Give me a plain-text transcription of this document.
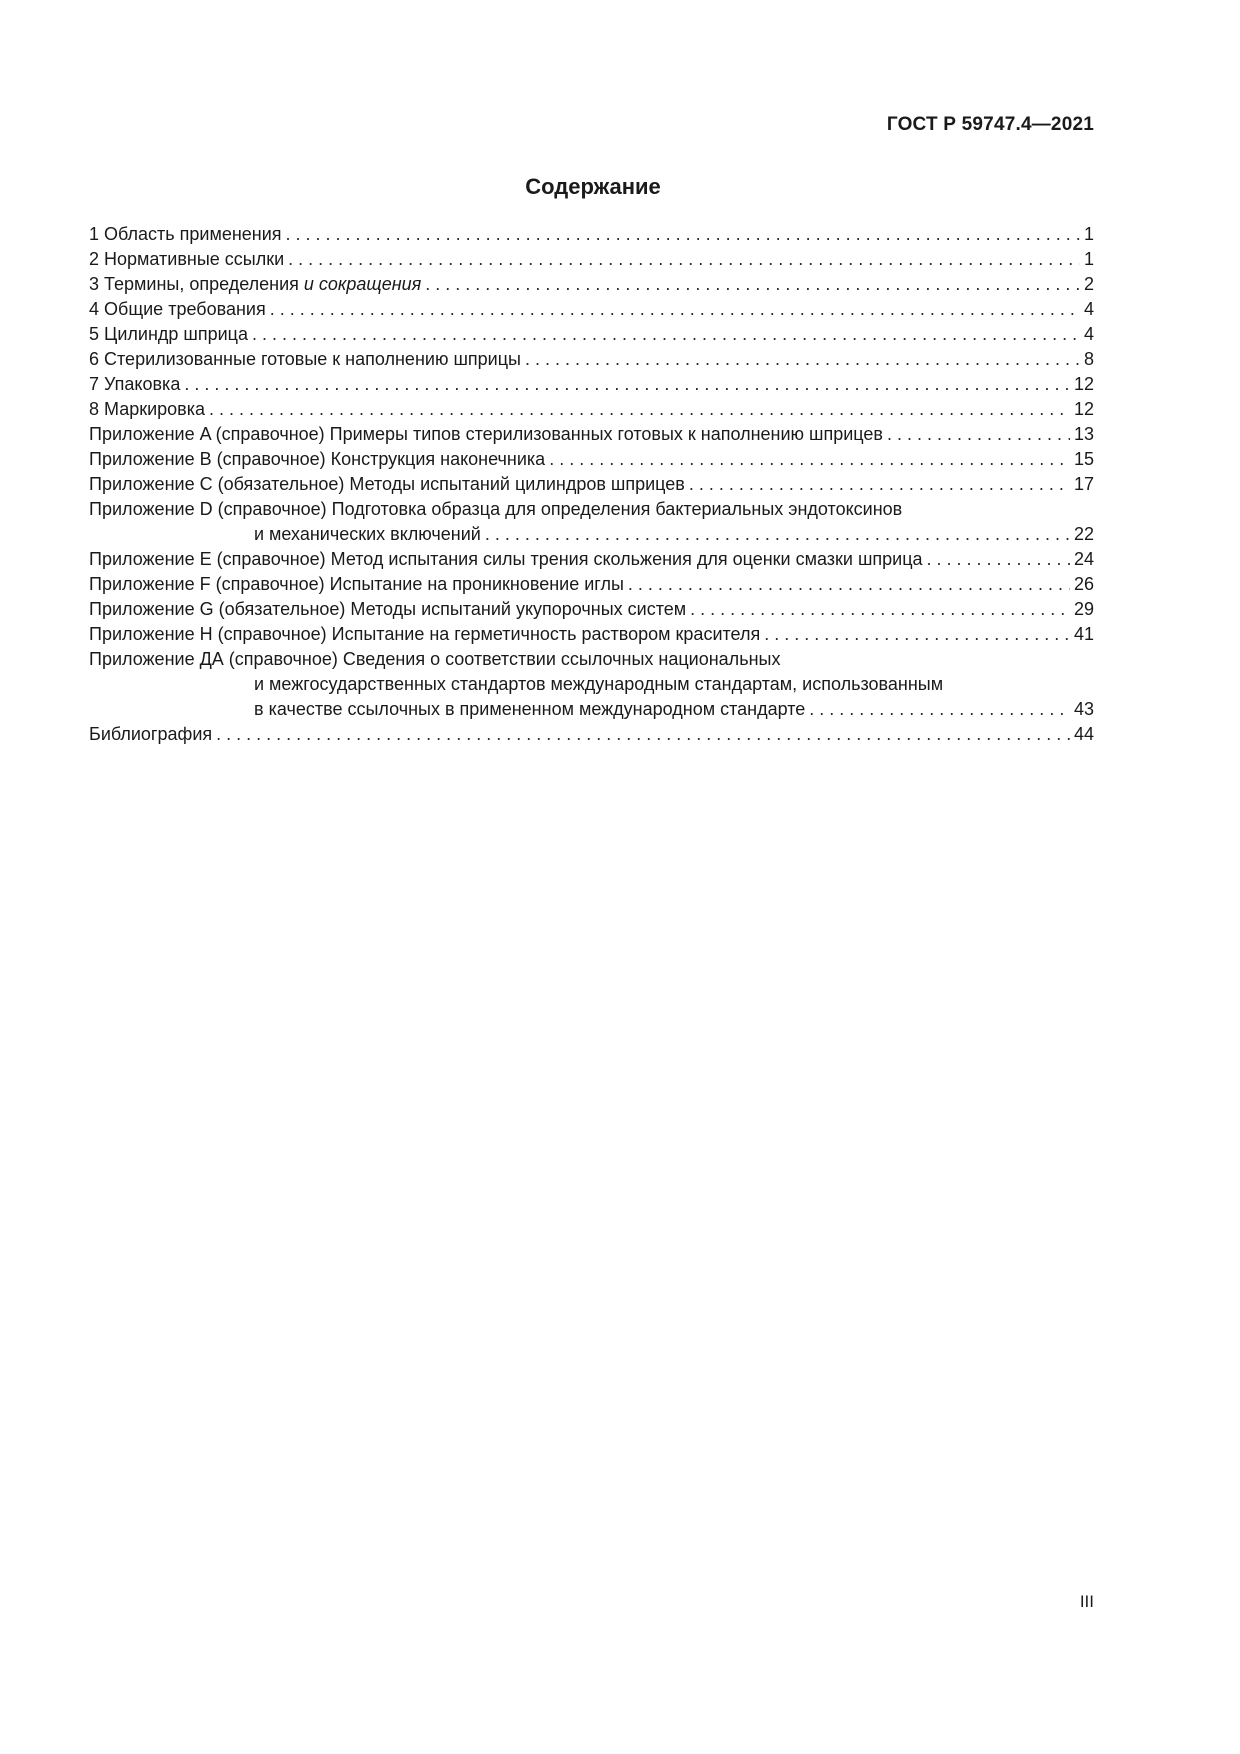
ГОСТ Р 59747.4—2021
Содержание
1 Область применения . . .	1
2 Нормативные ссылки . . .	1
3 Термины, определения и сокращения . . .	2
4 Общие требования . . .	4
5 Цилиндр шприца . . .	4
6 Стерилизованные готовые к наполнению шприцы . . .	8
7 Упаковка . . .	12
8 Маркировка . . .	12
Приложение A (справочное) Примеры типов стерилизованных готовых к наполнению шприцев . . .	13
Приложение B (справочное) Конструкция наконечника . . .	15
Приложение C (обязательное) Методы испытаний цилиндров шприцев . . .	17
Приложение D (справочное) Подготовка образца для определения бактериальных эндотоксинов
и механических включений . . .	22
Приложение E (справочное) Метод испытания силы трения скольжения для оценки смазки шприца . . .	24
Приложение F (справочное) Испытание на проникновение иглы . . .	26
Приложение G (обязательное) Методы испытаний укупорочных систем . . .	29
Приложение H (справочное) Испытание на герметичность раствором красителя . . .	41
Приложение ДА (справочное) Сведения о соответствии ссылочных национальных
и межгосударственных стандартов международным стандартам, использованным
в качестве ссылочных в примененном международном стандарте . . .	43
Библиография . . .	44
III
